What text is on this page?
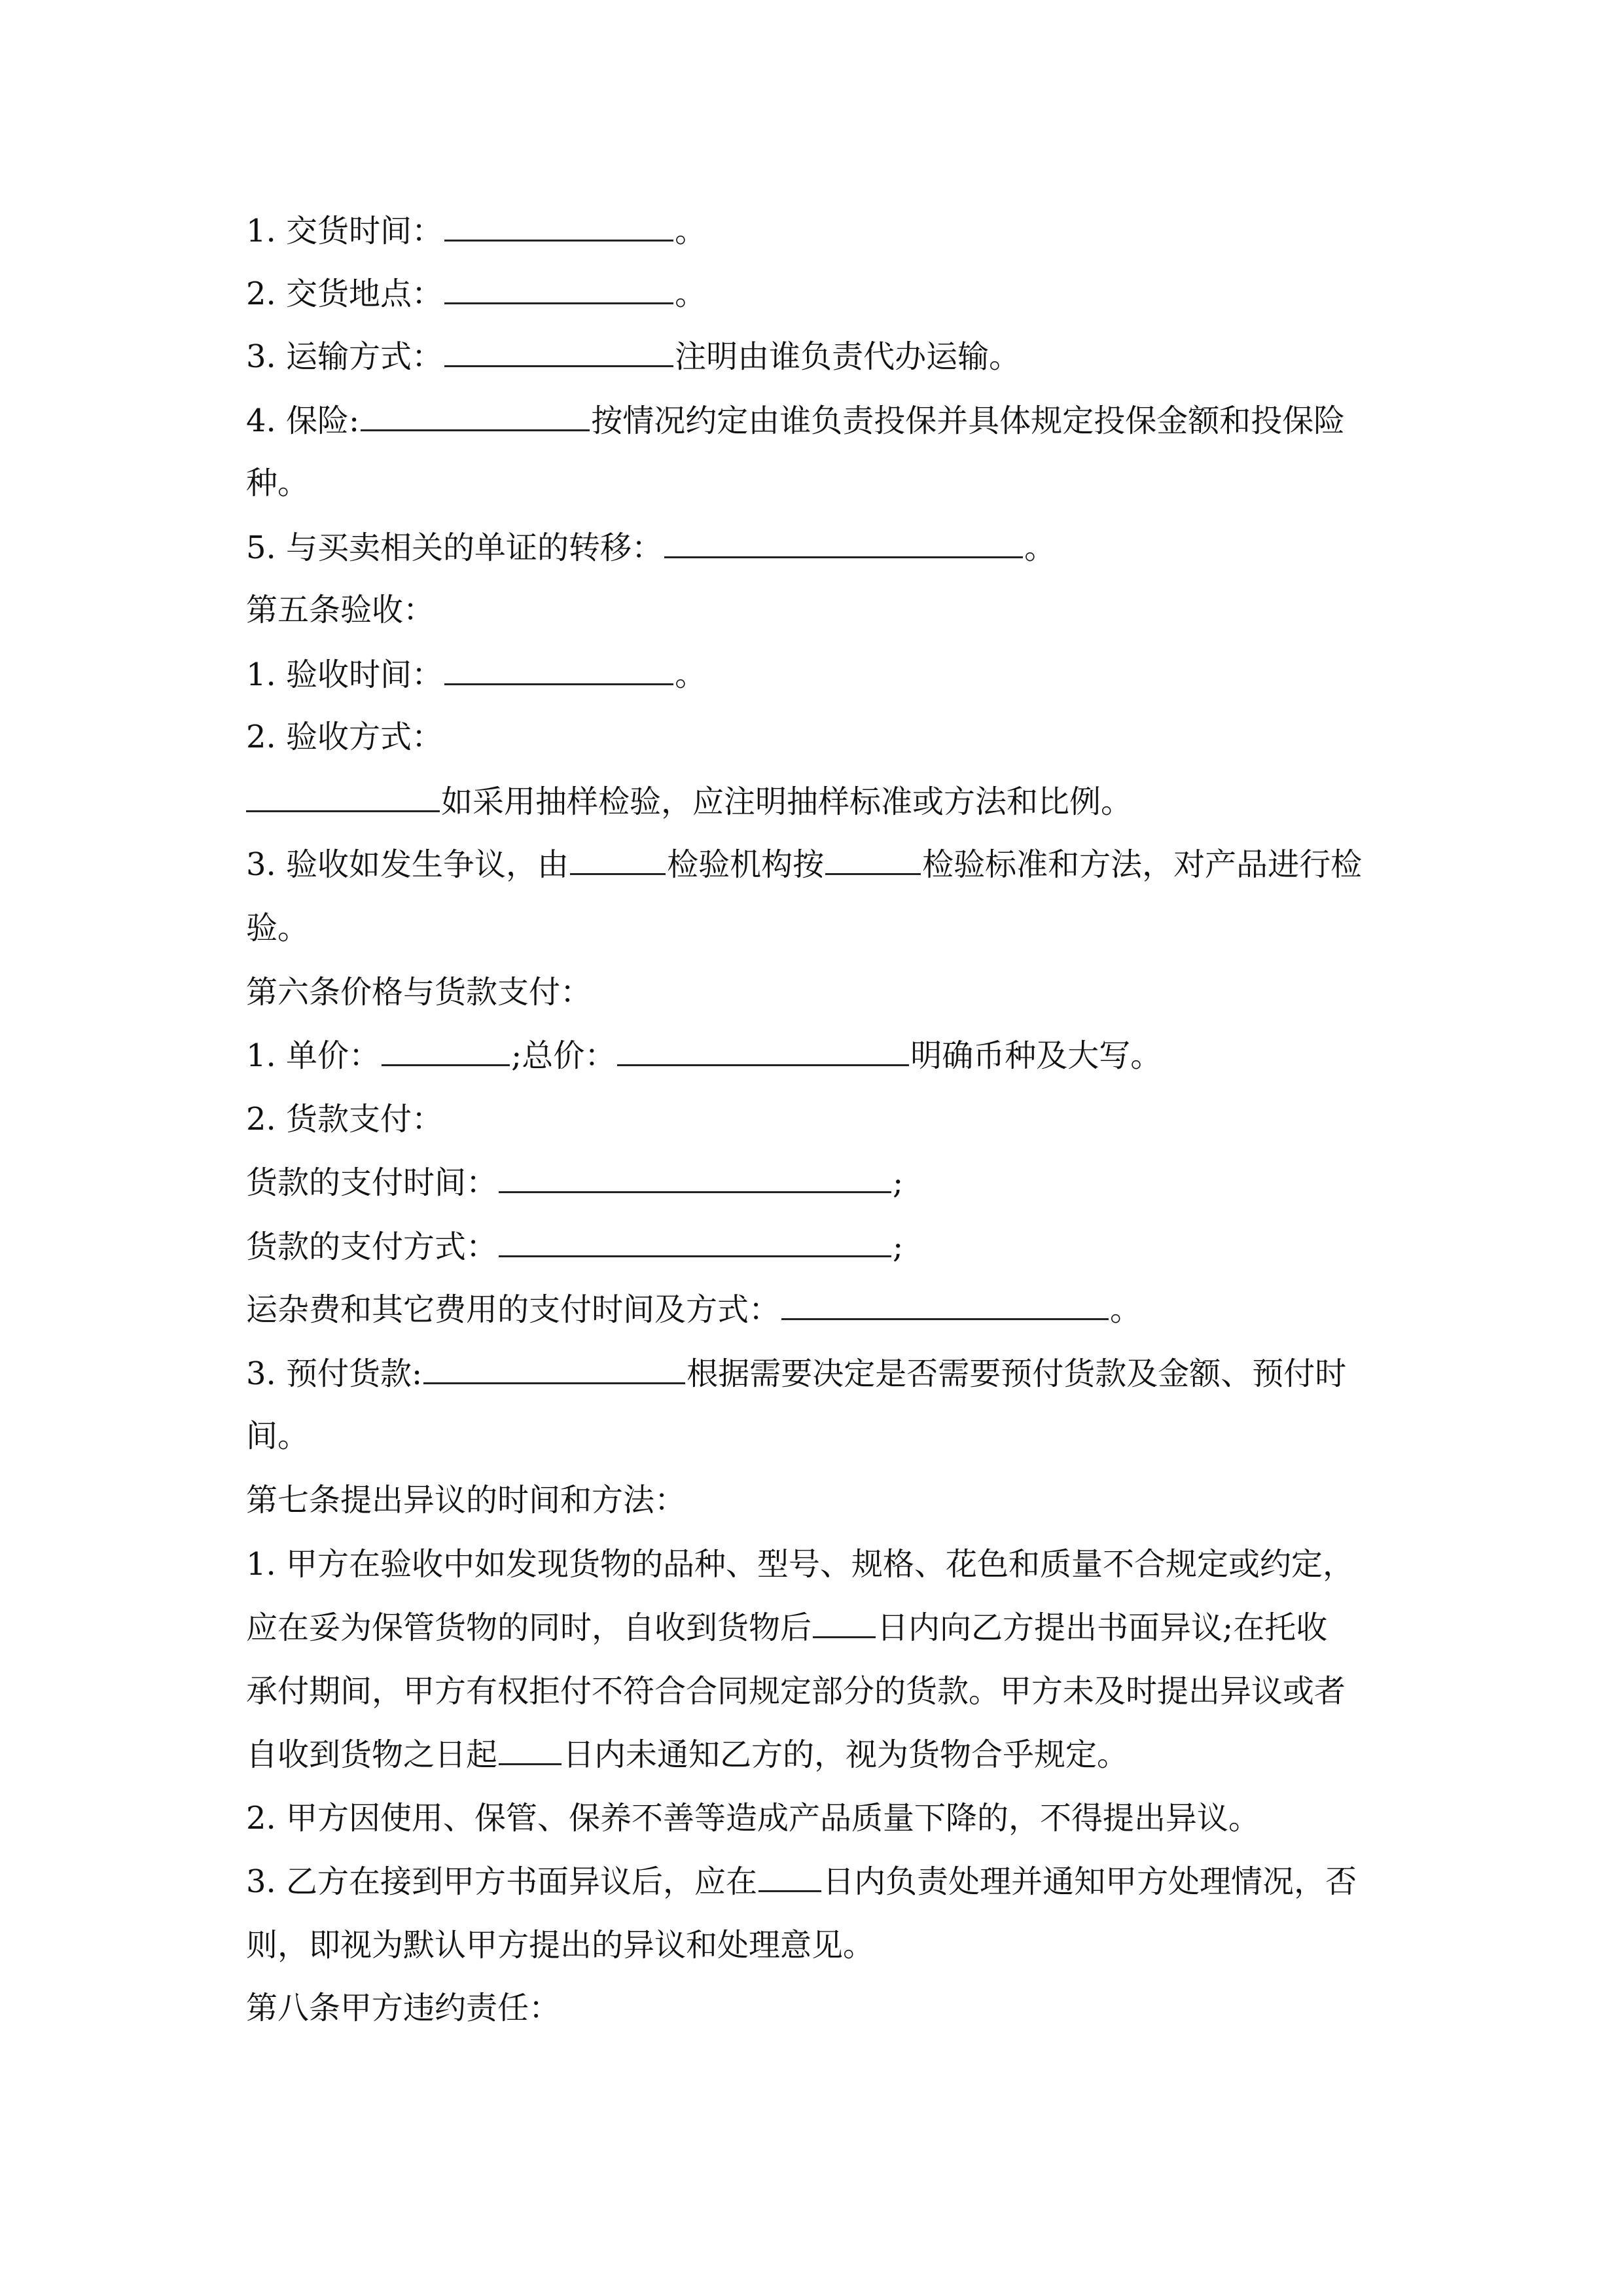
1. 交货时间：	。
2. 交货地点：	。
3. 运输方式：	注明由谁负责代办运输。
4. 保险:	按情况约定由谁负责投保并具体规定投保金额和投保险
种。
5. 与买卖相关的单证的转移：	。
第五条验收：
1. 验收时间：	。
2. 验收方式：
如采用抽样检验，应注明抽样标准或方法和比例。
3. 验收如发生争议，由	检验机构按	检验标准和方法，对产品进行检
验。
第六条价格与货款支付：
1. 单价：	;总价：	明确币种及大写。
2. 货款支付：
货款的支付时间：	;
货款的支付方式：	;
运杂费和其它费用的支付时间及方式：	。
3. 预付货款:	根据需要决定是否需要预付货款及金额、预付时
间。
第七条提出异议的时间和方法：
1. 甲方在验收中如发现货物的品种、型号、规格、花色和质量不合规定或约定，
应在妥为保管货物的同时，自收到货物后 日内向乙方提出书面异议;在托收
承付期间，甲方有权拒付不符合合同规定部分的货款。甲方未及时提出异议或者
自收到货物之日起 日内未通知乙方的，视为货物合乎规定。
2. 甲方因使用、保管、保养不善等造成产品质量下降的，不得提出异议。
3. 乙方在接到甲方书面异议后，应在 日内负责处理并通知甲方处理情况，否
则，即视为默认甲方提出的异议和处理意见。
第八条甲方违约责任：
